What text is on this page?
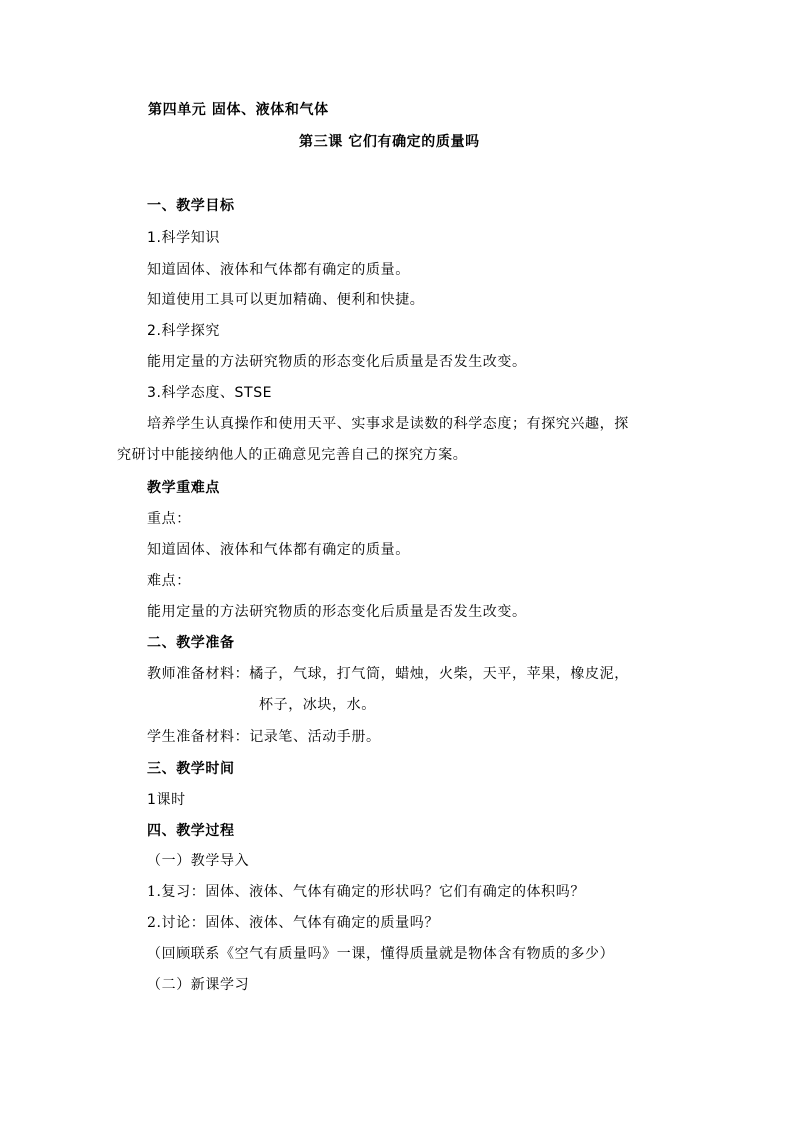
第四单元 固体、液体和气体
第三课 它们有确定的质量吗
一、教学目标
1.科学知识
知道固体、液体和气体都有确定的质量。
知道使用工具可以更加精确、便利和快捷。
2.科学探究
能用定量的方法研究物质的形态变化后质量是否发生改变。
3.科学态度、STSE
培养学生认真操作和使用天平、实事求是读数的科学态度；有探究兴趣，探
究研讨中能接纳他人的正确意见完善自己的探究方案。
教学重难点
重点：
知道固体、液体和气体都有确定的质量。
难点：
能用定量的方法研究物质的形态变化后质量是否发生改变。
二、教学准备
教师准备材料：橘子，气球，打气筒，蜡烛，火柴，天平，苹果，橡皮泥，
杯子，冰块，水。
学生准备材料：记录笔、活动手册。
三、教学时间
1课时
四、教学过程
（一）教学导入
1.复习：固体、液体、气体有确定的形状吗？它们有确定的体积吗？
2.讨论：固体、液体、气体有确定的质量吗？
（回顾联系《空气有质量吗》一课，懂得质量就是物体含有物质的多少）
（二）新课学习
